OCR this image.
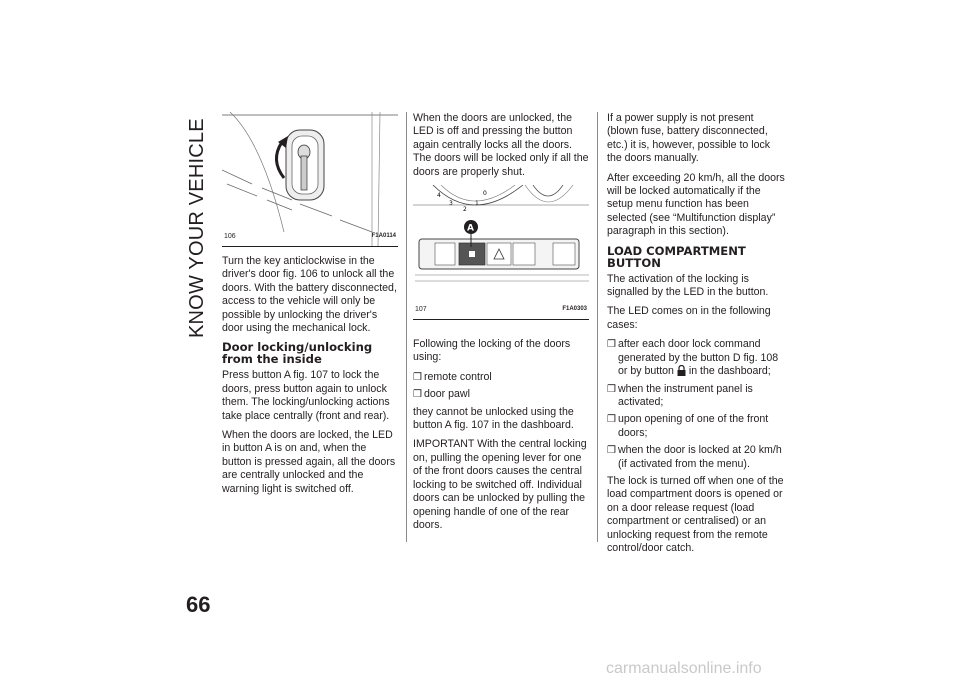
KNOW YOUR VEHICLE
66
106	F1A0114

Turn the key anticlockwise in the driver's door fig. 106 to unlock all the doors. With the battery disconnected, access to the vehicle will only be possible by unlocking the driver's door using the mechanical lock.

Door locking/unlocking from the inside

Press button A fig. 107 to lock the doors, press button again to unlock them. The locking/unlocking actions take place centrally (front and rear).

When the doors are locked, the LED in button A is on and, when the button is pressed again, all the doors are centrally unlocked and the warning light is switched off.

When the doors are unlocked, the LED is off and pressing the button again centrally locks all the doors. The doors will be locked only if all the doors are properly shut.

4
3
2
1
0
A
107	F1A0303

Following the locking of the doors using:

❒ remote control
❒ door pawl

they cannot be unlocked using the button A fig. 107 in the dashboard.

IMPORTANT With the central locking on, pulling the opening lever for one of the front doors causes the central locking to be switched off. Individual doors can be unlocked by pulling the opening handle of one of the rear doors.

If a power supply is not present (blown fuse, battery disconnected, etc.) it is, however, possible to lock the doors manually.

After exceeding 20 km/h, all the doors will be locked automatically if the setup menu function has been selected (see “Multifunction display” paragraph in this section).

LOAD COMPARTMENT BUTTON

The activation of the locking is signalled by the LED in the button.

The LED comes on in the following cases:

❒ after each door lock command generated by the button D fig. 108 or by button in the dashboard;
❒ when the instrument panel is activated;
❒ upon opening of one of the front doors;
❒ when the door is locked at 20 km/h (if activated from the menu).

The lock is turned off when one of the load compartment doors is opened or on a door release request (load compartment or centralised) or an unlocking request from the remote control/door catch.

carmanualsonline.info
